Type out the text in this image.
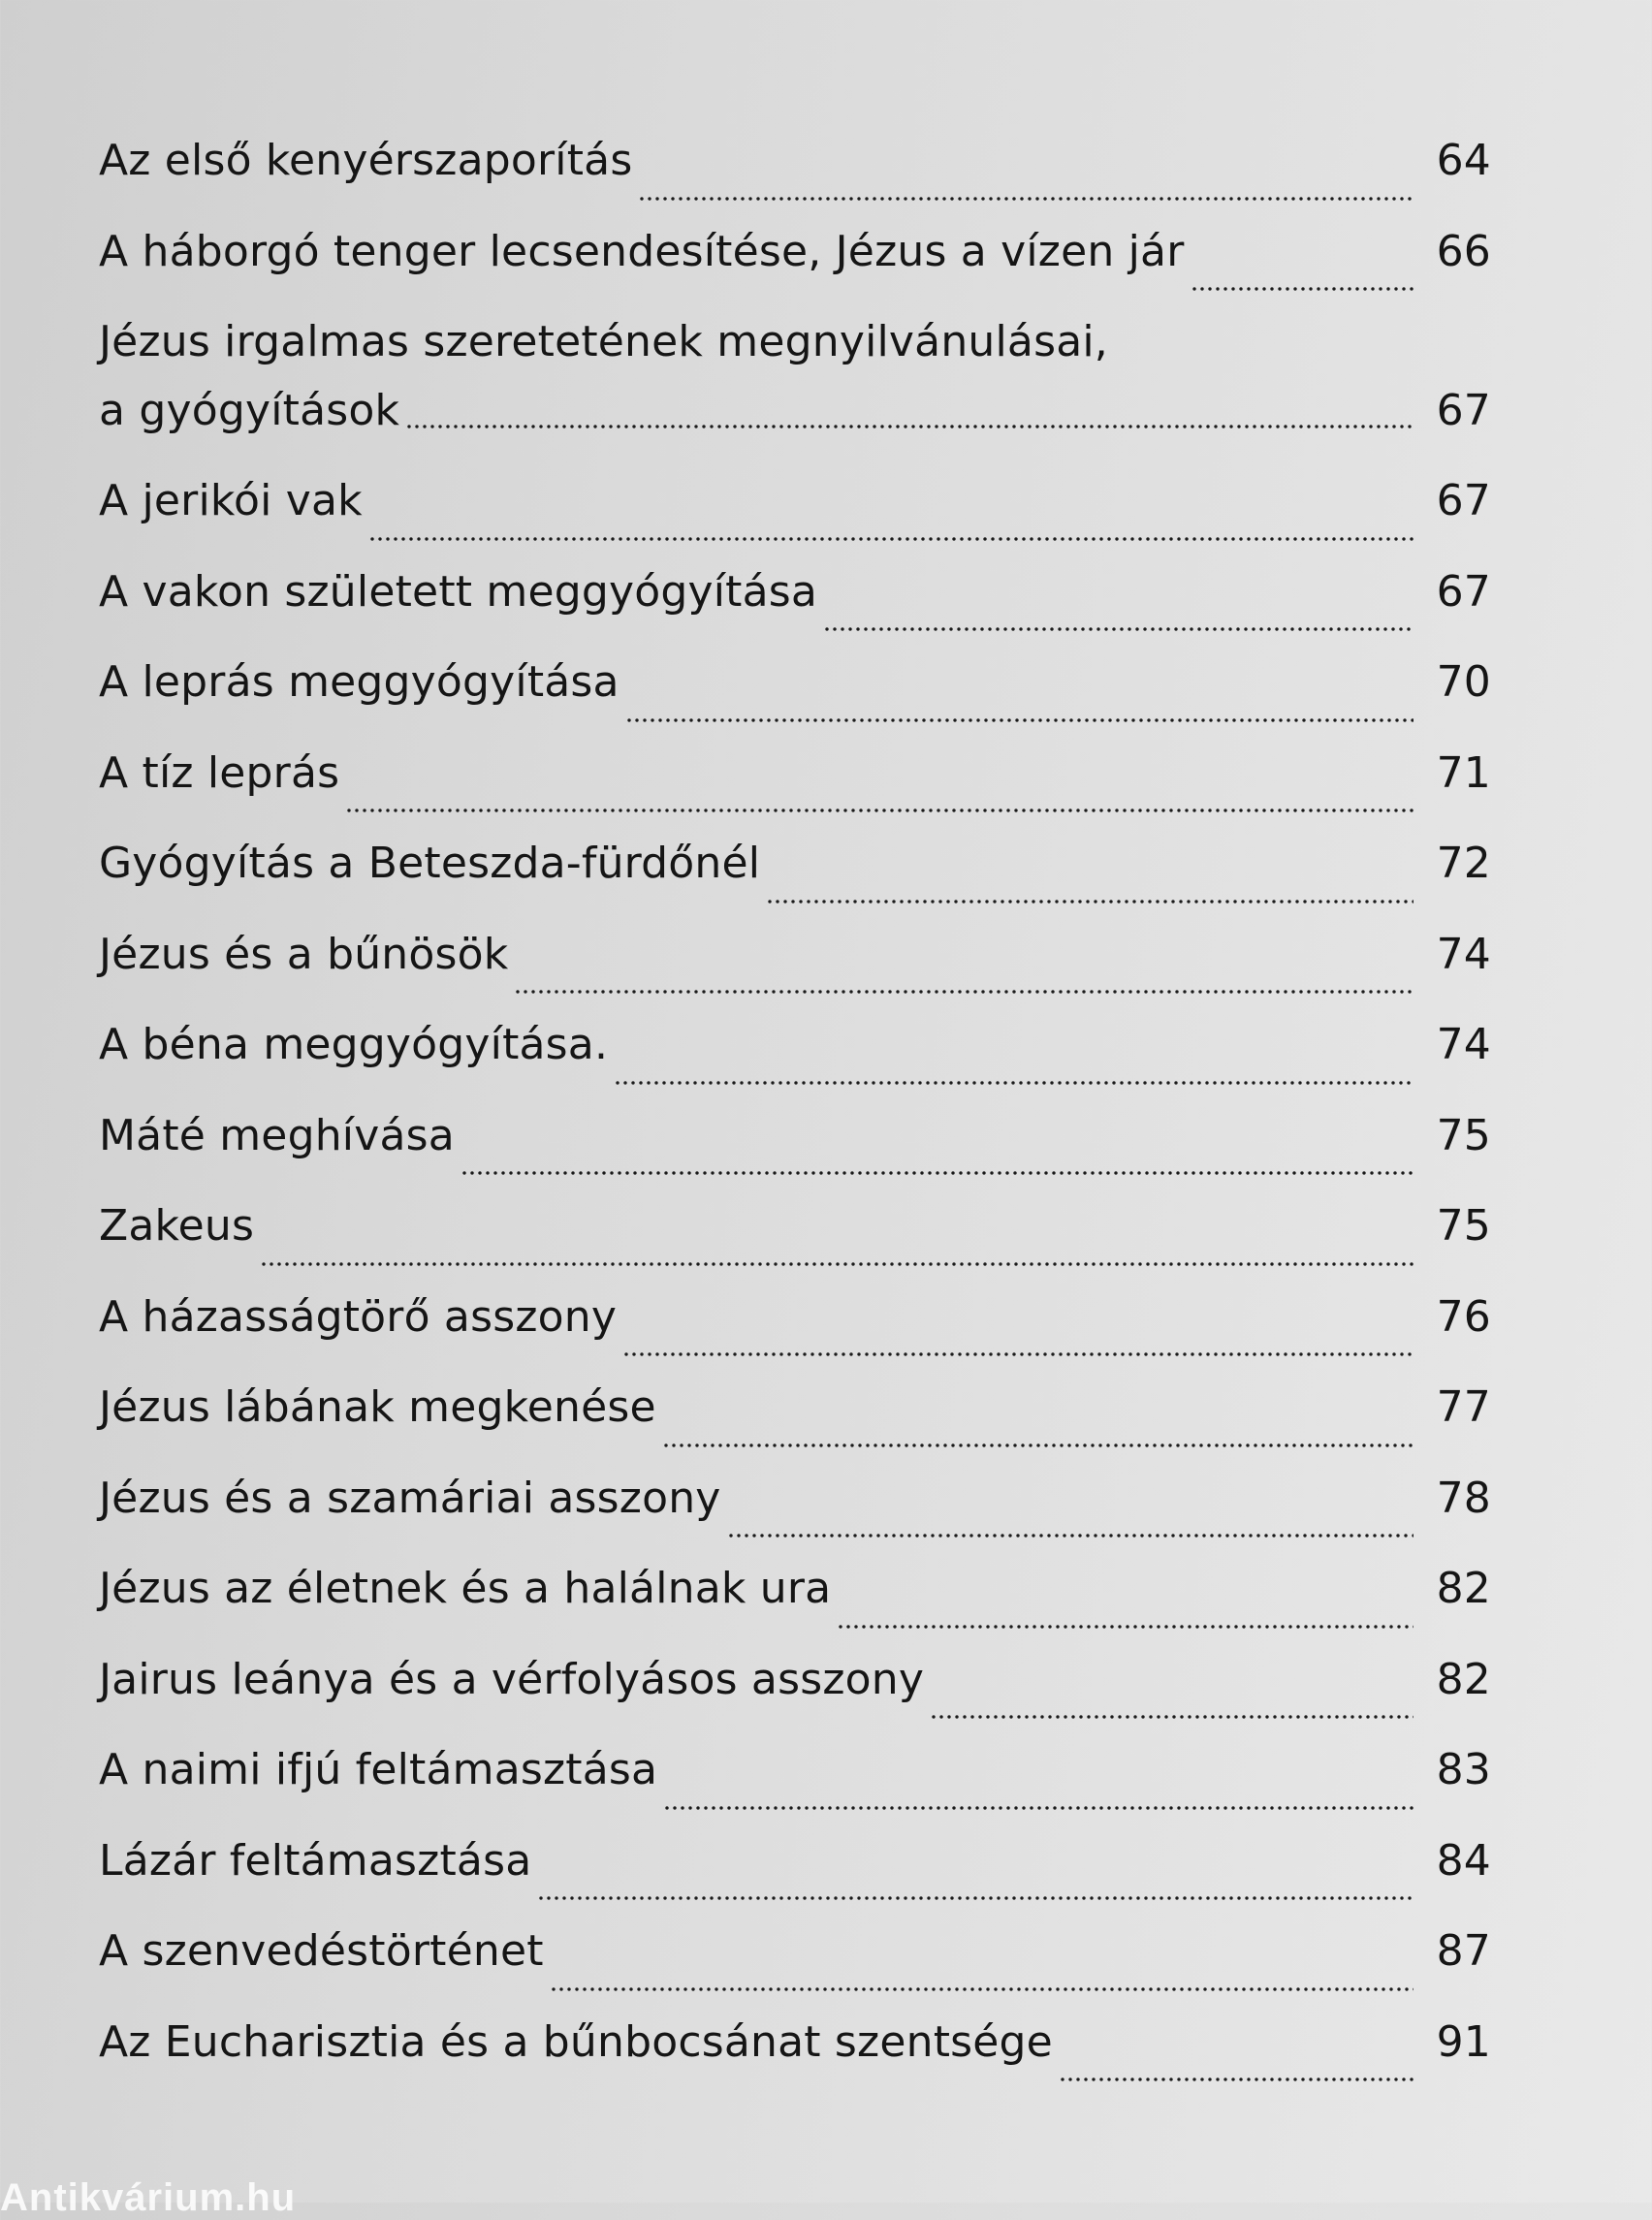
Az első kenyérszaporítás	64
A háborgó tenger lecsendesítése, Jézus a vízen jár	66
Jézus irgalmas szeretetének megnyilvánulásai,
a gyógyítások	67
A jerikói vak	67
A vakon született meggyógyítása	67
A leprás meggyógyítása	70
A tíz leprás	71
Gyógyítás a Beteszda-fürdőnél	72
Jézus és a bűnösök	74
A béna meggyógyítása.	74
Máté meghívása	75
Zakeus	75
A házasságtörő asszony	76
Jézus lábának megkenése	77
Jézus és a szamáriai asszony	78
Jézus az életnek és a halálnak ura	82
Jairus leánya és a vérfolyásos asszony	82
A naimi ifjú feltámasztása	83
Lázár feltámasztása	84
A szenvedéstörténet	87
Az Eucharisztia és a bűnbocsánat szentsége	91
Antikvárium.hu
